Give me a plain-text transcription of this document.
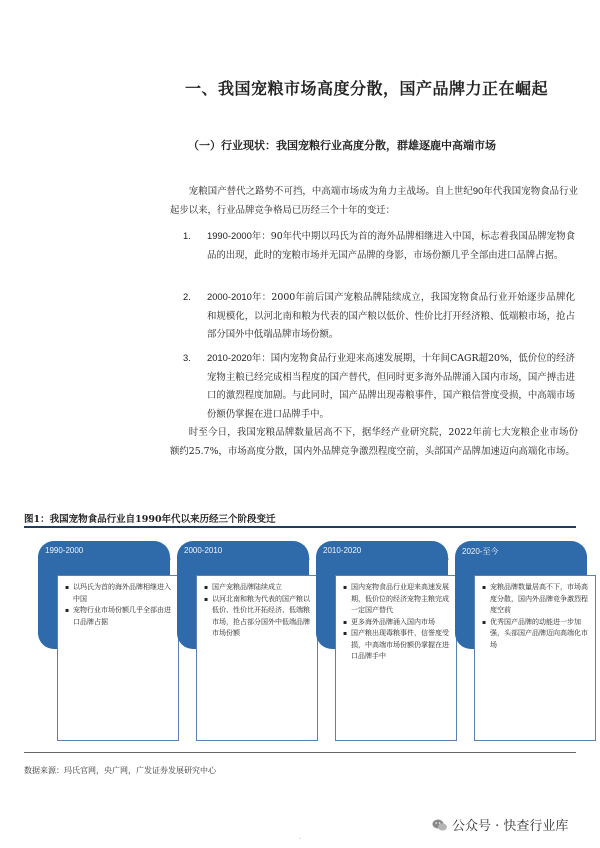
一、我国宠粮市场高度分散，国产品牌力正在崛起
（一）行业现状：我国宠粮行业高度分散，群雄逐鹿中高端市场
宠粮国产替代之路势不可挡，中高端市场成为角力主战场。自上世纪90年代我国宠物食品行业起步以来，行业品牌竞争格局已历经三个十年的变迁：
1. 1990-2000年：90年代中期以玛氏为首的海外品牌相继进入中国，标志着我国品牌宠物食品的出现，此时的宠粮市场并无国产品牌的身影，市场份额几乎全部由进口品牌占据。
2. 2000-2010年：2000年前后国产宠粮品牌陆续成立，我国宠物食品行业开始逐步品牌化和规模化，以河北南和粮为代表的国产粮以低价、性价比打开经济粮、低端粮市场，抢占部分国外中低端品牌市场份额。
3. 2010-2020年：国内宠物食品行业迎来高速发展期，十年间CAGR超20%，低价位的经济宠物主粮已经完成相当程度的国产替代，但同时更多海外品牌涌入国内市场，国产搏击进口的激烈程度加剧。与此同时，国产品牌出现毒粮事件，国产粮信誉度受损，中高端市场份额仍掌握在进口品牌手中。
时至今日，我国宠粮品牌数量居高不下，据华经产业研究院，2022年前七大宠粮企业市场份额约25.7%，市场高度分散，国内外品牌竞争激烈程度空前，头部国产品牌加速迈向高端化市场。
图1：我国宠物食品行业自1990年代以来历经三个阶段变迁
1990-2000
▪ 以玛氏为首的海外品牌相继进入中国
▪ 宠物行业市场份额几乎全部由进口品牌占据
2000-2010
▪ 国产宠粮品牌陆续成立
▪ 以河北南和粮为代表的国产粮以低价、性价比开拓经济、低端粮市场，抢占部分国外中低端品牌市场份额
2010-2020
▪ 国内宠物食品行业迎来高速发展期，低价位的经济宠物主粮完成一定国产替代
▪ 更多海外品牌涌入国内市场
▪ 国产粮出现毒粮事件，信誉度受损，中高端市场份额仍掌握在进口品牌手中
2020-至今
▪ 宠粮品牌数量居高不下，市场高度分散，国内外品牌竞争激烈程度空前
▪ 优秀国产品牌的动能进一步加强，头部国产品牌迈向高端化市场
数据来源：玛氏官网，央广网，广发证券发展研究中心
公众号 · 快查行业库
·
